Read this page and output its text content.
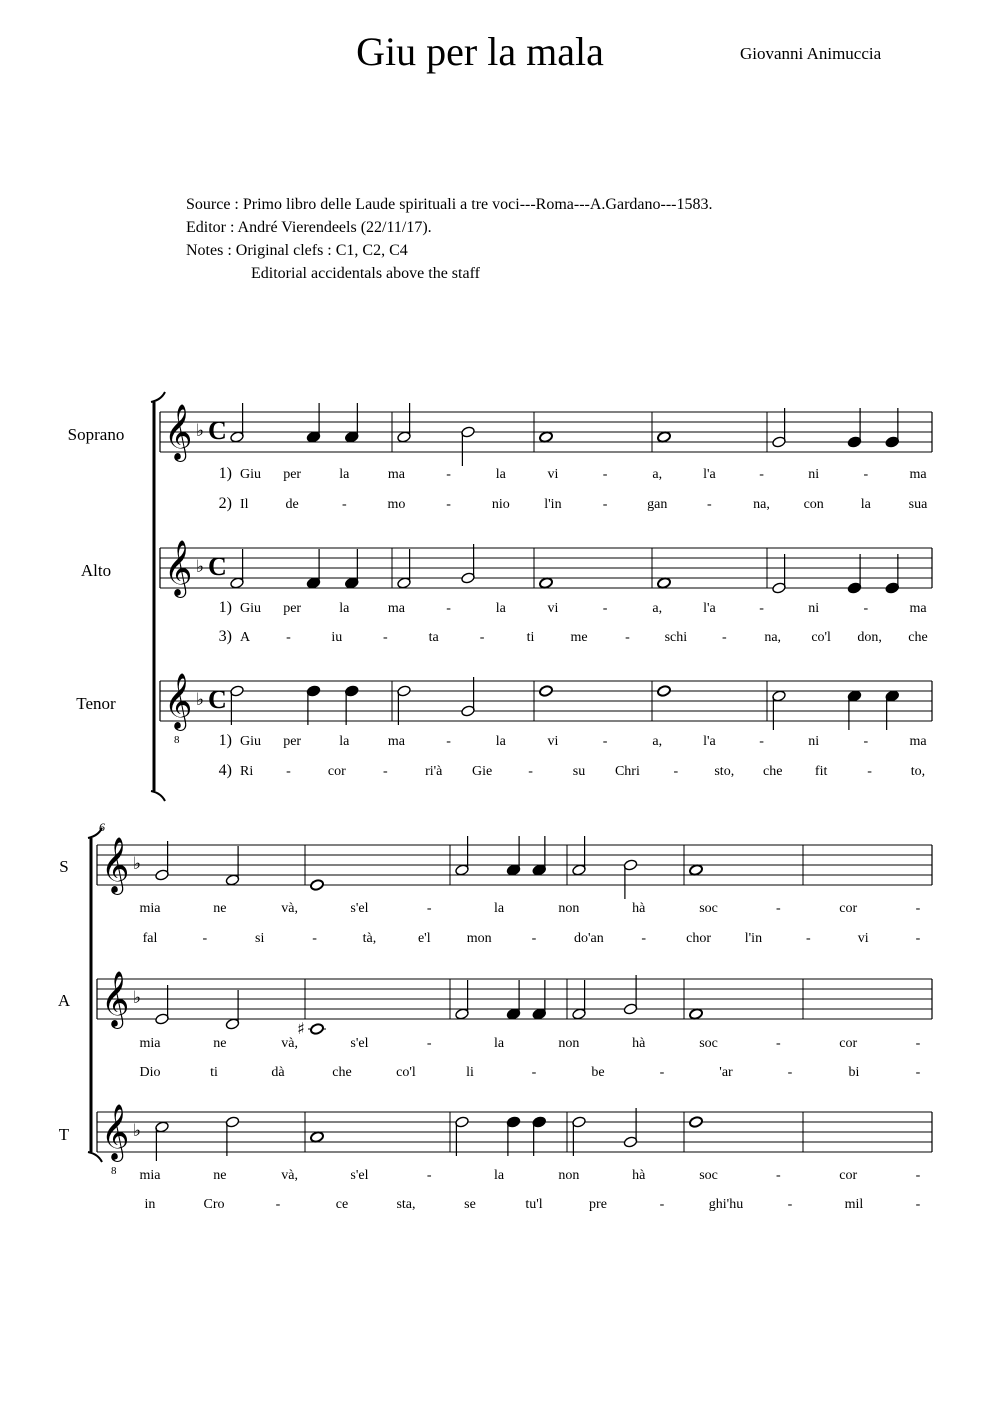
Giu per la mala	Giovanni Animuccia
Source : Primo libro delle Laude spirituali a tre voci---Roma---A.Gardano---1583.
Editor : André Vierendeels (22/11/17).
Notes : Original clefs : C1, C2, C4
Editorial accidentals above the staff
𝄞 ♭ C
Soprano
1) Giu per	la	ma	-	la	vi	-	a,	l'a	-	ni	-	ma
2) Il	de	-	mo	-	nio l'in	-	gan	-	na, con	la	sua
𝄞 ♭ C
Alto
1) Giu per	la	ma	-	la	vi	-	a,	l'a	-	ni	-	ma
3) A	-	iu	-	ta	-	ti	me	- schi -	na, co'l don, che
𝄞
8
♭ C
Tenor
1) Giu per	la	ma	-	la	vi	-	a,	l'a	-	ni	-	ma
4) Ri -	cor	-	ri'à Gie	-	su Chri -	sto, che fit	-	to,
6
𝄞 ♭
S
mia	ne	và,	s'el	-	la	non	hà	soc	-	cor	-
fal	-	si	-	tà,	e'l	mon	-	do'an	-	chor l'in	-	vi	-
𝄞 ♭
A
♯
mia	ne	và,	s'el	-	la	non	hà	soc	-	cor	-
Dio	ti	dà	che	co'l	li	-	be	-	'ar	-	bi	-
𝄞
8
♭
T
mia	ne	và,	s'el	-	la	non	hà	soc	-	cor	-
in	Cro	-	ce	sta,	se	tu'l	pre	-	ghi'hu	-	mil	-
